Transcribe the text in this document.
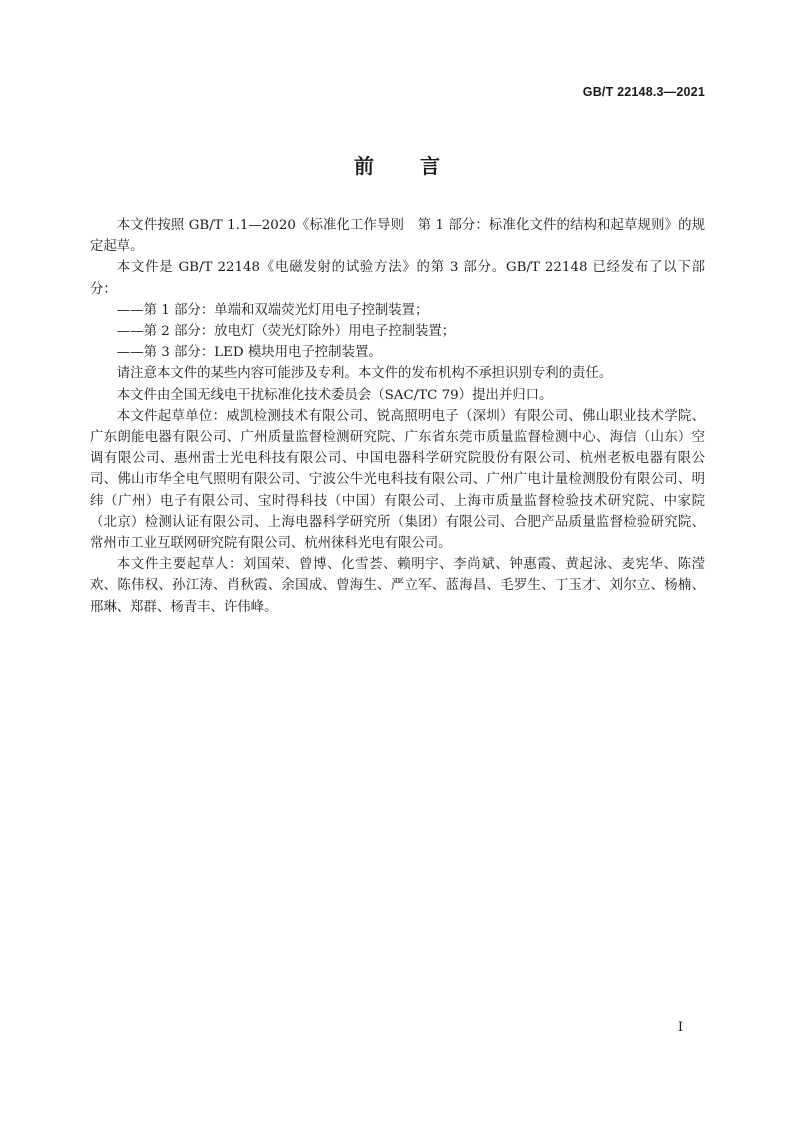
GB/T 22148.3—2021
前 言

本文件按照 GB/T 1.1—2020《标准化工作导则　第 1 部分：标准化文件的结构和起草规则》的规定起草。

本文件是 GB/T 22148《电磁发射的试验方法》的第 3 部分。GB/T 22148 已经发布了以下部分：

——第 1 部分：单端和双端荧光灯用电子控制装置；

——第 2 部分：放电灯（荧光灯除外）用电子控制装置；

——第 3 部分：LED 模块用电子控制装置。

请注意本文件的某些内容可能涉及专利。本文件的发布机构不承担识别专利的责任。

本文件由全国无线电干扰标准化技术委员会（SAC/TC 79）提出并归口。

本文件起草单位：威凯检测技术有限公司、锐高照明电子（深圳）有限公司、佛山职业技术学院、广东朗能电器有限公司、广州质量监督检测研究院、广东省东莞市质量监督检测中心、海信（山东）空调有限公司、惠州雷士光电科技有限公司、中国电器科学研究院股份有限公司、杭州老板电器有限公司、佛山市华全电气照明有限公司、宁波公牛光电科技有限公司、广州广电计量检测股份有限公司、明纬（广州）电子有限公司、宝时得科技（中国）有限公司、上海市质量监督检验技术研究院、中家院（北京）检测认证有限公司、上海电器科学研究所（集团）有限公司、合肥产品质量监督检验研究院、常州市工业互联网研究院有限公司、杭州徕科光电有限公司。

本文件主要起草人：刘国荣、曾博、化雪荟、赖明宇、李尚斌、钟惠霞、黄起泳、麦宪华、陈滢欢、陈伟权、孙江涛、肖秋霞、余国成、曾海生、严立军、蓝海昌、毛罗生、丁玉才、刘尔立、杨楠、邢琳、郑群、杨青丰、许伟峰。

I
